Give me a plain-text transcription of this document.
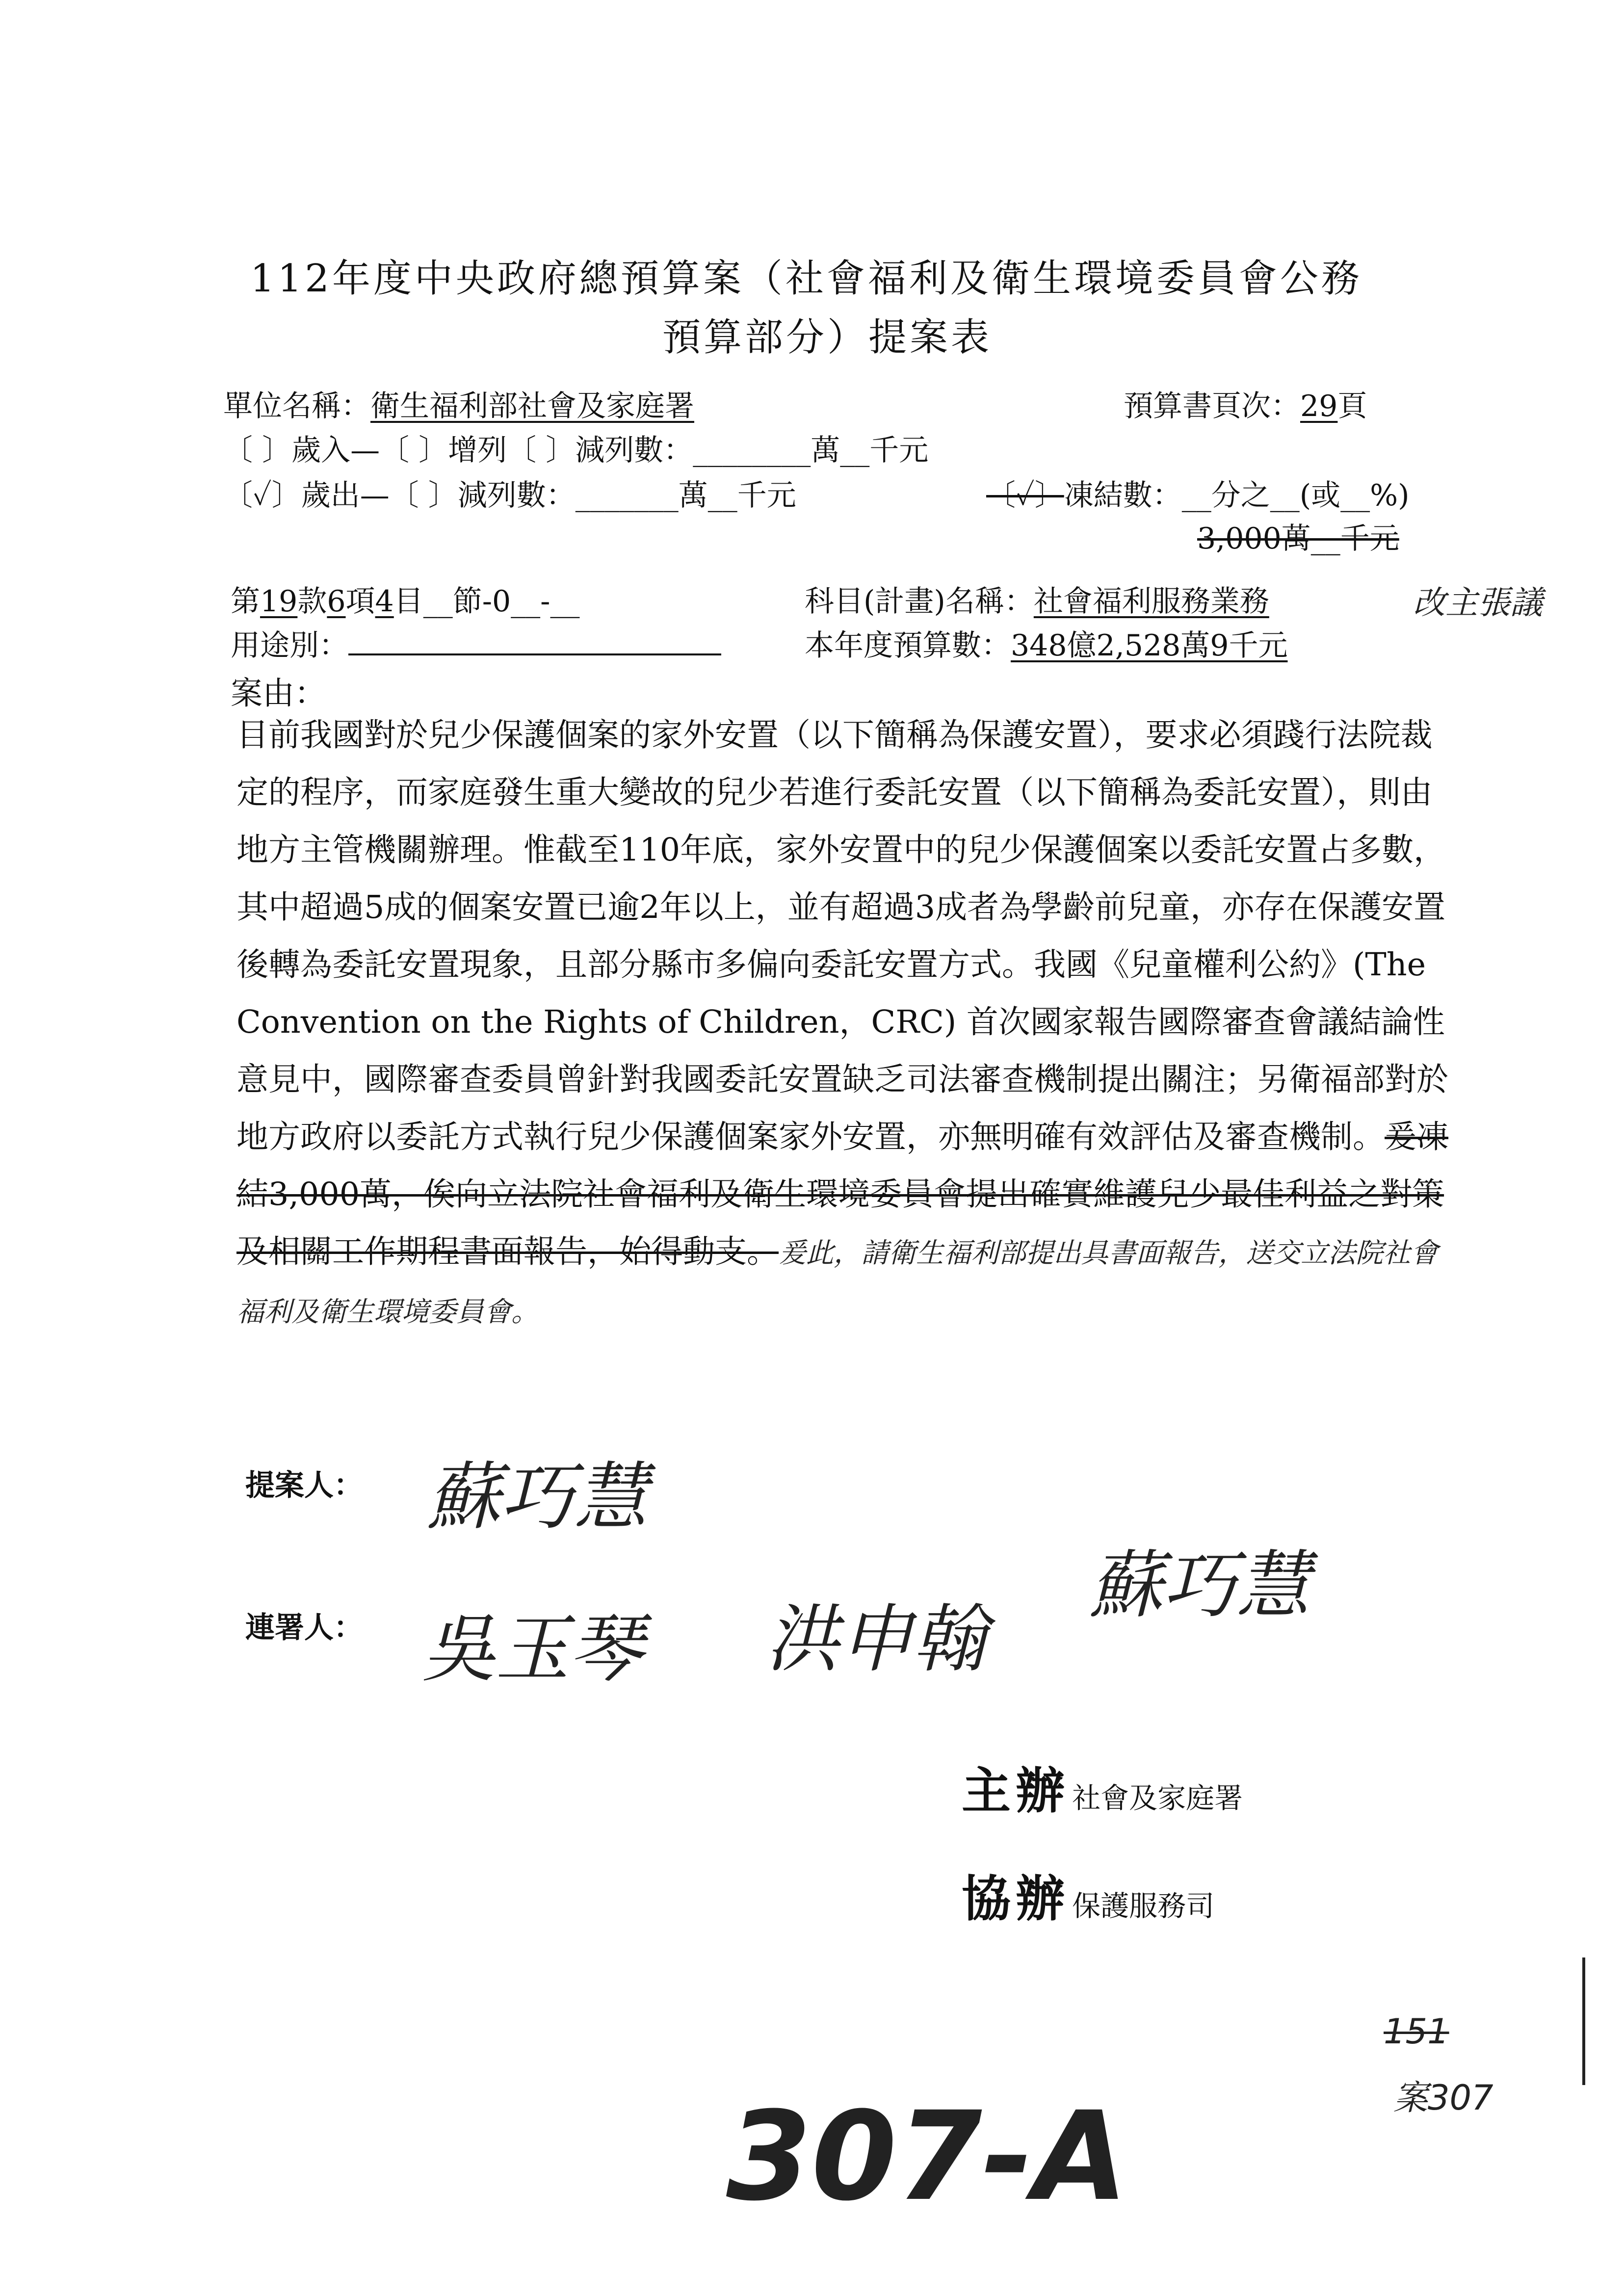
112年度中央政府總預算案（社會福利及衛生環境委員會公務
預算部分）提案表
單位名稱：衛生福利部社會及家庭署	預算書頁次：29頁
〔 〕歲入—〔 〕增列〔 〕減列數：________萬__千元
〔✓〕歲出—〔 〕減列數：_______萬__千元	〔✓〕凍結數：__分之__(或__%)
3,000萬__千元
第19款6項4目__節-0__-__	科目(計畫)名稱：社會福利服務業務	改主張議
用途別：	本年度預算數：348億2,528萬9千元
案由：
目前我國對於兒少保護個案的家外安置（以下簡稱為保護安置），要求必須踐行法院裁定的程序，而家庭發生重大變故的兒少若進行委託安置（以下簡稱為委託安置），則由地方主管機關辦理。惟截至110年底，家外安置中的兒少保護個案以委託安置占多數，其中超過5成的個案安置已逾2年以上，並有超過3成者為學齡前兒童，亦存在保護安置後轉為委託安置現象，且部分縣市多偏向委託安置方式。我國《兒童權利公約》(The Convention on the Rights of Children，CRC) 首次國家報告國際審查會議結論性意見中，國際審查委員曾針對我國委託安置缺乏司法審查機制提出關注；另衛福部對於地方政府以委託方式執行兒少保護個案家外安置，亦無明確有效評估及審查機制。爰凍結3,000萬，俟向立法院社會福利及衛生環境委員會提出確實維護兒少最佳利益之對策及相關工作期程書面報告，始得動支。爰此，請衛生福利部提出具書面報告，送交立法院社會福利及衛生環境委員會。
提案人： 蘇巧慧
連署人： 吳玉琴 洪申翰
蘇巧慧
主辦 社會及家庭署
協辦 保護服務司
151
案307
307-A
